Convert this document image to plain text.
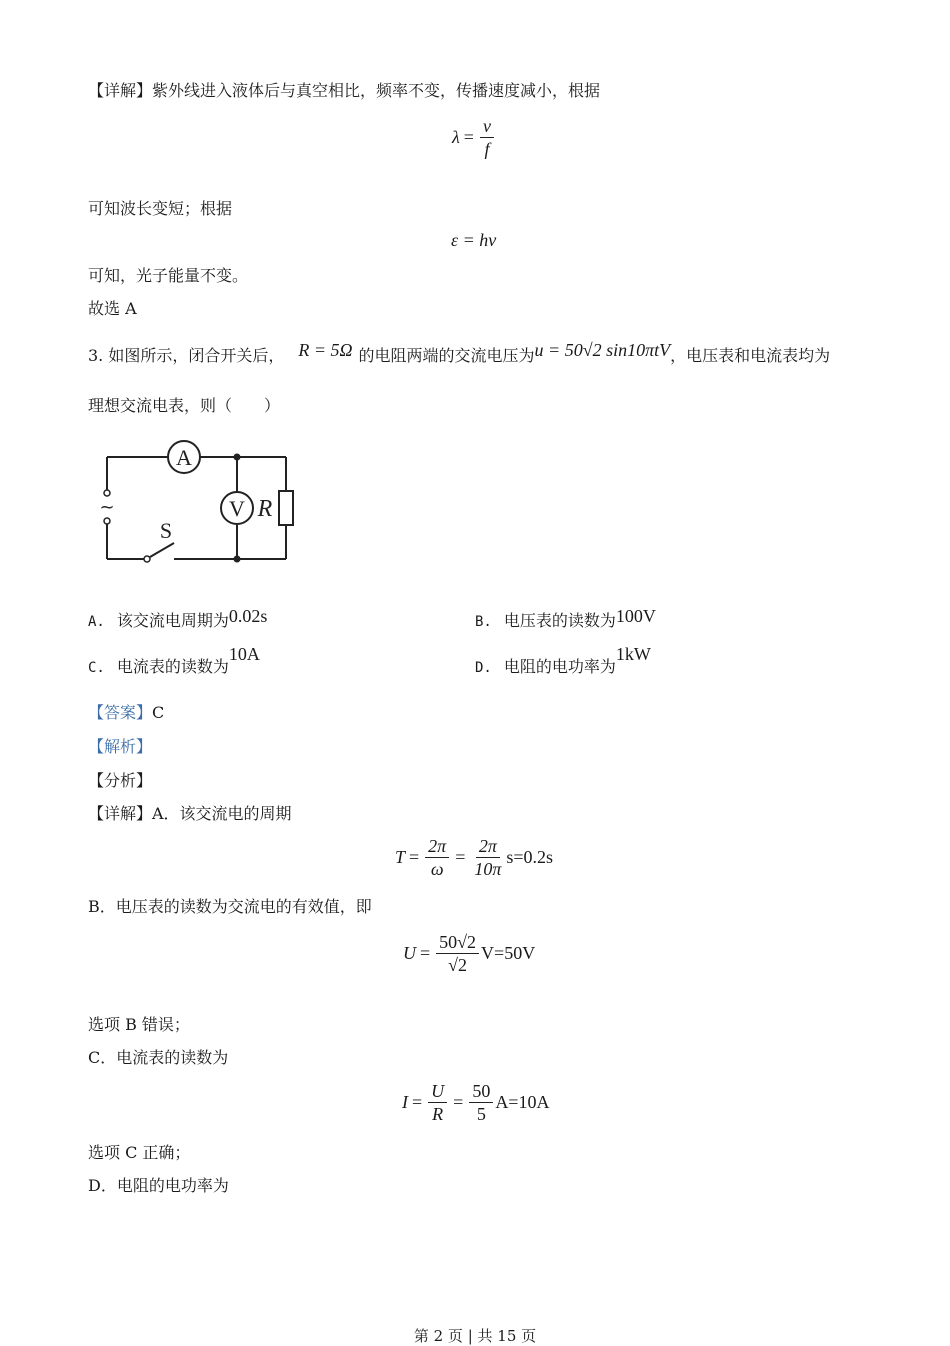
【详解】紫外线进入液体后与真空相比，频率不变，传播速度减小，根据
$\lambda = \frac{v}{f}$
可知波长变短；根据
ε = hν
可知，光子能量不变。
故选 A
3. 如图所示，闭合开关后， R = 5Ω 的电阻两端的交流电压为 u = 50√2 sin10πtV ，电压表和电流表均为
理想交流电表，则（　　）
A
V R
S
~
A. 该交流电周期为 0.02s	B. 电压表的读数为 100V
C. 电流表的读数为
10A
D. 电阻的电功率为
1kW
【答案】C
【解析】
【分析】
【详解】A．该交流电的周期
$T = \frac{2\pi}{\omega} = \frac{2\pi}{10\pi} s=0.2s$
B．电压表的读数为交流电的有效值，即
$U = \frac{50√2}{√2} V=50V$
选项 B 错误；
C．电流表的读数为
$I = \frac{U}{R} = \frac{50}{5} A=10A$
选项 C 正确；
D．电阻的电功率为
第 2 页 | 共 15 页
